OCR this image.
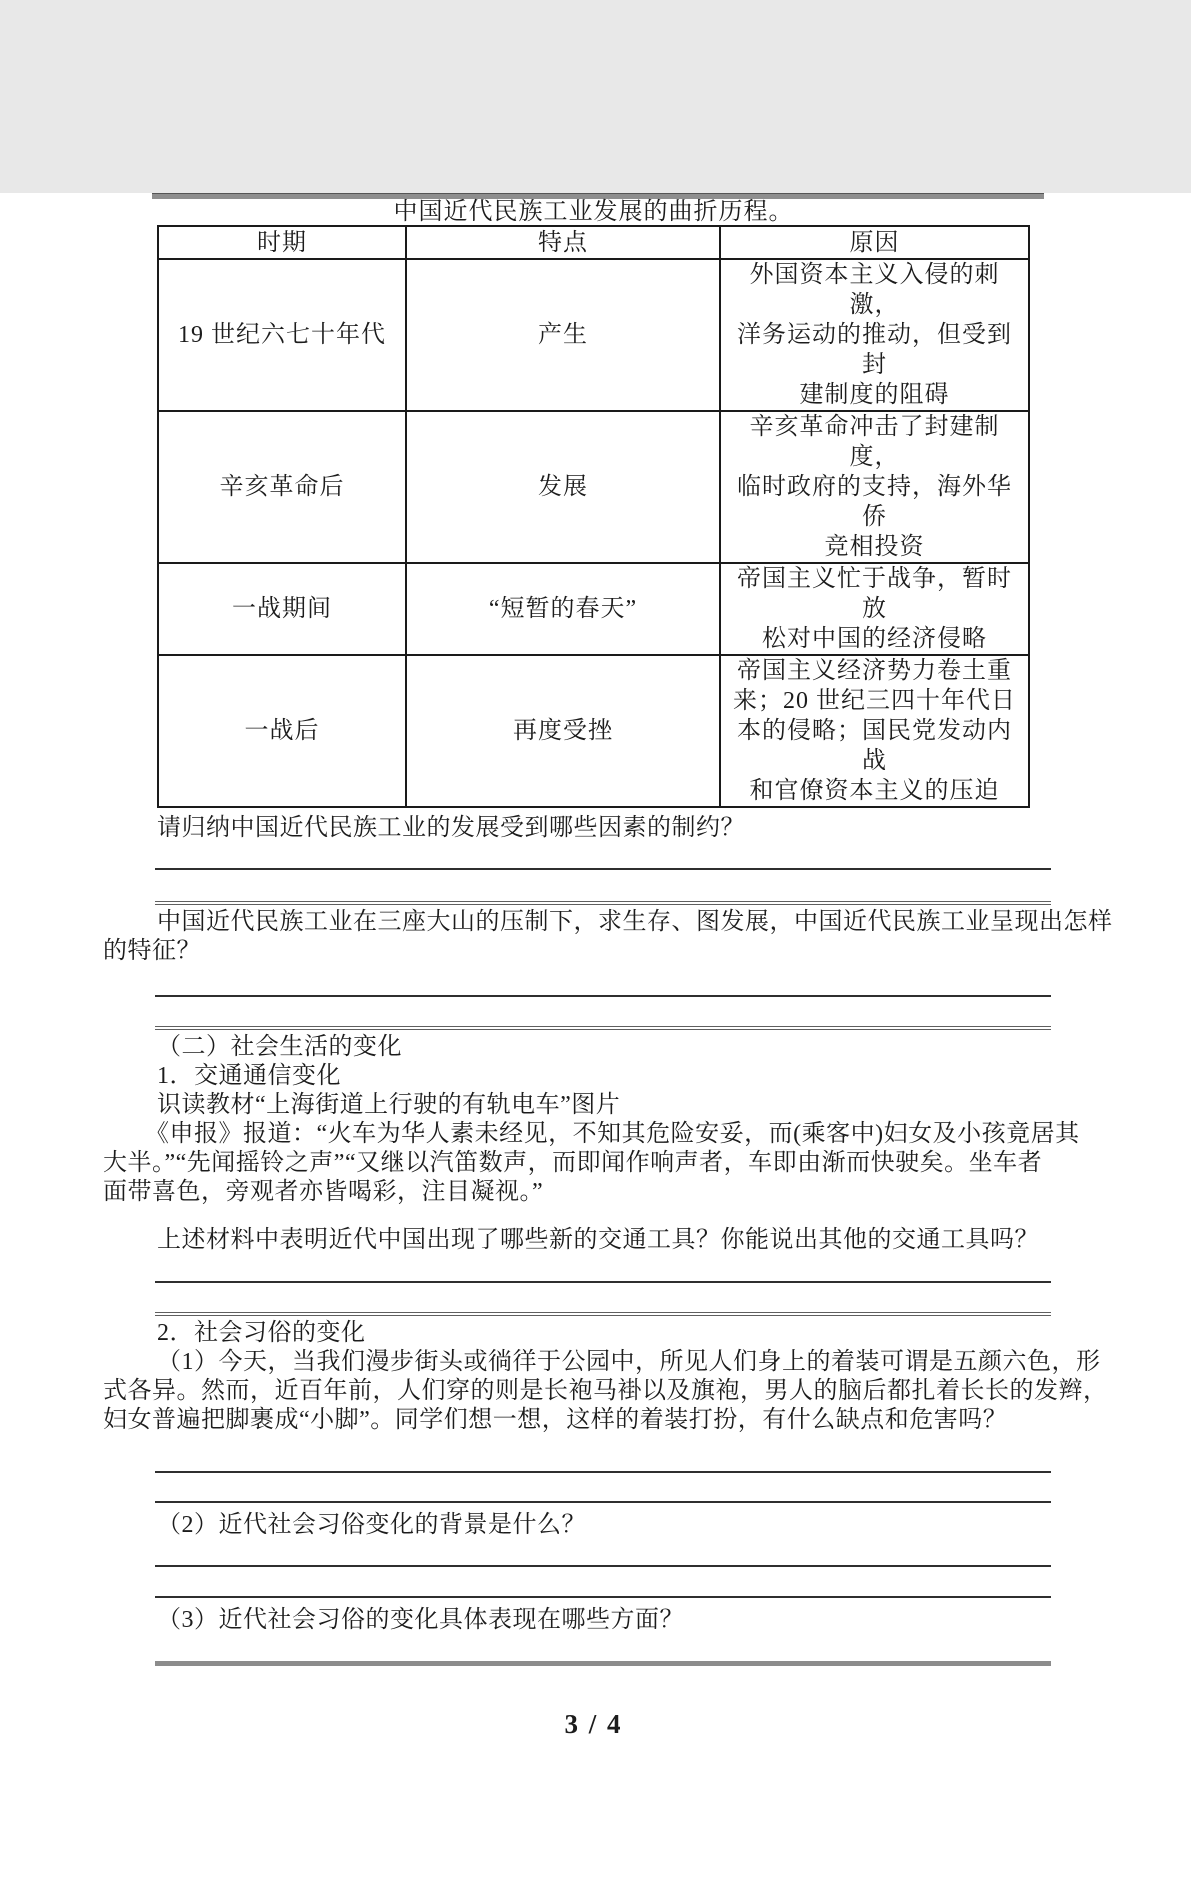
中国近代民族工业发展的曲折历程。
时期	特点	原因
19 世纪六七十年代	产生	外国资本主义入侵的刺激，
洋务运动的推动，但受到封
建制度的阻碍

辛亥革命后	发展	辛亥革命冲击了封建制度，
临时政府的支持，海外华侨
竞相投资

一战期间	“短暂的春天”	帝国主义忙于战争，暂时放
松对中国的经济侵略

一战后	再度受挫	帝国主义经济势力卷土重
来；20 世纪三四十年代日
本的侵略；国民党发动内战
和官僚资本主义的压迫
请归纳中国近代民族工业的发展受到哪些因素的制约？
中国近代民族工业在三座大山的压制下，求生存、图发展，中国近代民族工业呈现出怎样
的特征？
（二）社会生活的变化
1．交通通信变化
识读教材“上海街道上行驶的有轨电车”图片
《申报》报道：“火车为华人素未经见，不知其危险安妥，而(乘客中)妇女及小孩竟居其
大半。”“先闻摇铃之声”“又继以汽笛数声，而即闻作响声者，车即由渐而快驶矣。坐车者
面带喜色，旁观者亦皆喝彩，注目凝视。”
上述材料中表明近代中国出现了哪些新的交通工具？你能说出其他的交通工具吗？
2．社会习俗的变化
（1）今天，当我们漫步街头或徜徉于公园中，所见人们身上的着装可谓是五颜六色，形
式各异。然而，近百年前，人们穿的则是长袍马褂以及旗袍，男人的脑后都扎着长长的发辫，
妇女普遍把脚裹成“小脚”。同学们想一想，这样的着装打扮，有什么缺点和危害吗？
（2）近代社会习俗变化的背景是什么？
（3）近代社会习俗的变化具体表现在哪些方面？
3 / 4
